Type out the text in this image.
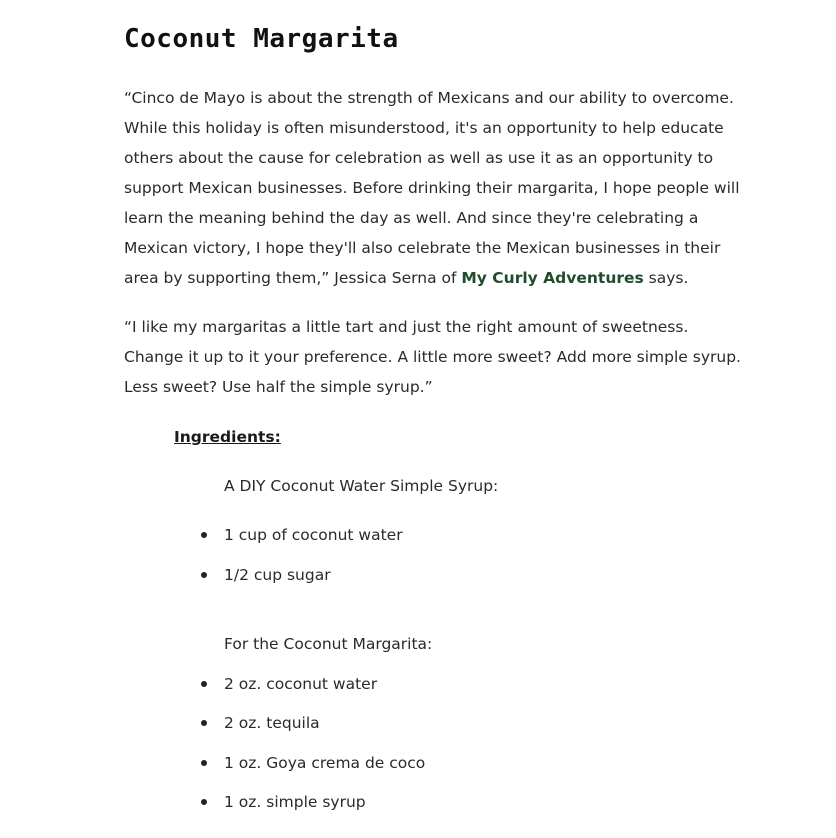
Coconut Margarita

“Cinco de Mayo is about the strength of Mexicans and our ability to overcome. While this holiday is often misunderstood, it's an opportunity to help educate others about the cause for celebration as well as use it as an opportunity to support Mexican businesses. Before drinking their margarita, I hope people will learn the meaning behind the day as well. And since they're celebrating a Mexican victory, I hope they'll also celebrate the Mexican businesses in their area by supporting them,” Jessica Serna of My Curly Adventures says.

“I like my margaritas a little tart and just the right amount of sweetness. Change it up to it your preference. A little more sweet? Add more simple syrup. Less sweet? Use half the simple syrup.”

Ingredients:
A DIY Coconut Water Simple Syrup:
1 cup of coconut water
1/2 cup sugar
For the Coconut Margarita:
2 oz. coconut water
2 oz. tequila
1 oz. Goya crema de coco
1 oz. simple syrup
